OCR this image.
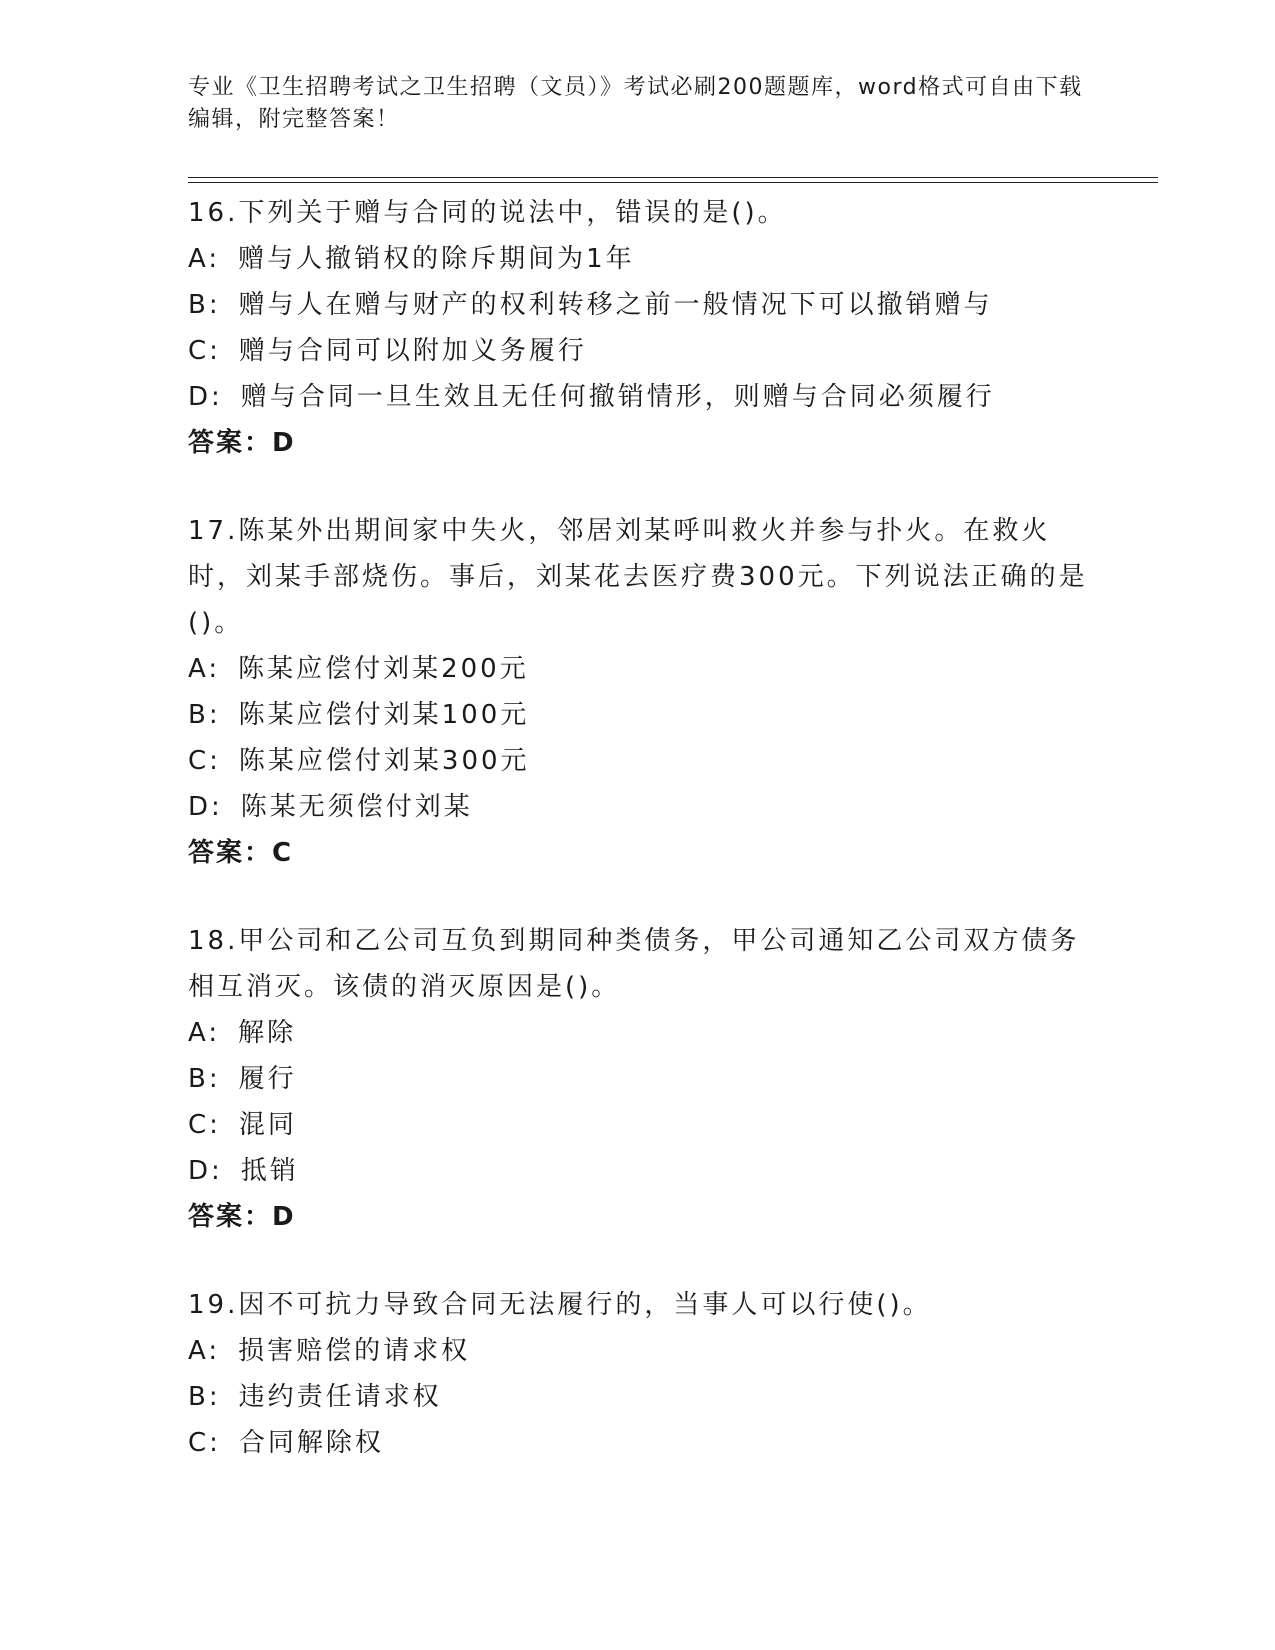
专业《卫生招聘考试之卫生招聘（文员）》考试必刷200题题库，word格式可自由下载编辑，附完整答案！
16.下列关于赠与合同的说法中，错误的是()。
A: 赠与人撤销权的除斥期间为1年
B: 赠与人在赠与财产的权利转移之前一般情况下可以撤销赠与
C: 赠与合同可以附加义务履行
D: 赠与合同一旦生效且无任何撤销情形，则赠与合同必须履行
答案：D
17.陈某外出期间家中失火，邻居刘某呼叫救火并参与扑火。在救火时，刘某手部烧伤。事后，刘某花去医疗费300元。下列说法正确的是()。
A: 陈某应偿付刘某200元
B: 陈某应偿付刘某100元
C: 陈某应偿付刘某300元
D: 陈某无须偿付刘某
答案：C
18.甲公司和乙公司互负到期同种类债务，甲公司通知乙公司双方债务相互消灭。该债的消灭原因是()。
A: 解除
B: 履行
C: 混同
D: 抵销
答案：D
19.因不可抗力导致合同无法履行的，当事人可以行使()。
A: 损害赔偿的请求权
B: 违约责任请求权
C: 合同解除权
